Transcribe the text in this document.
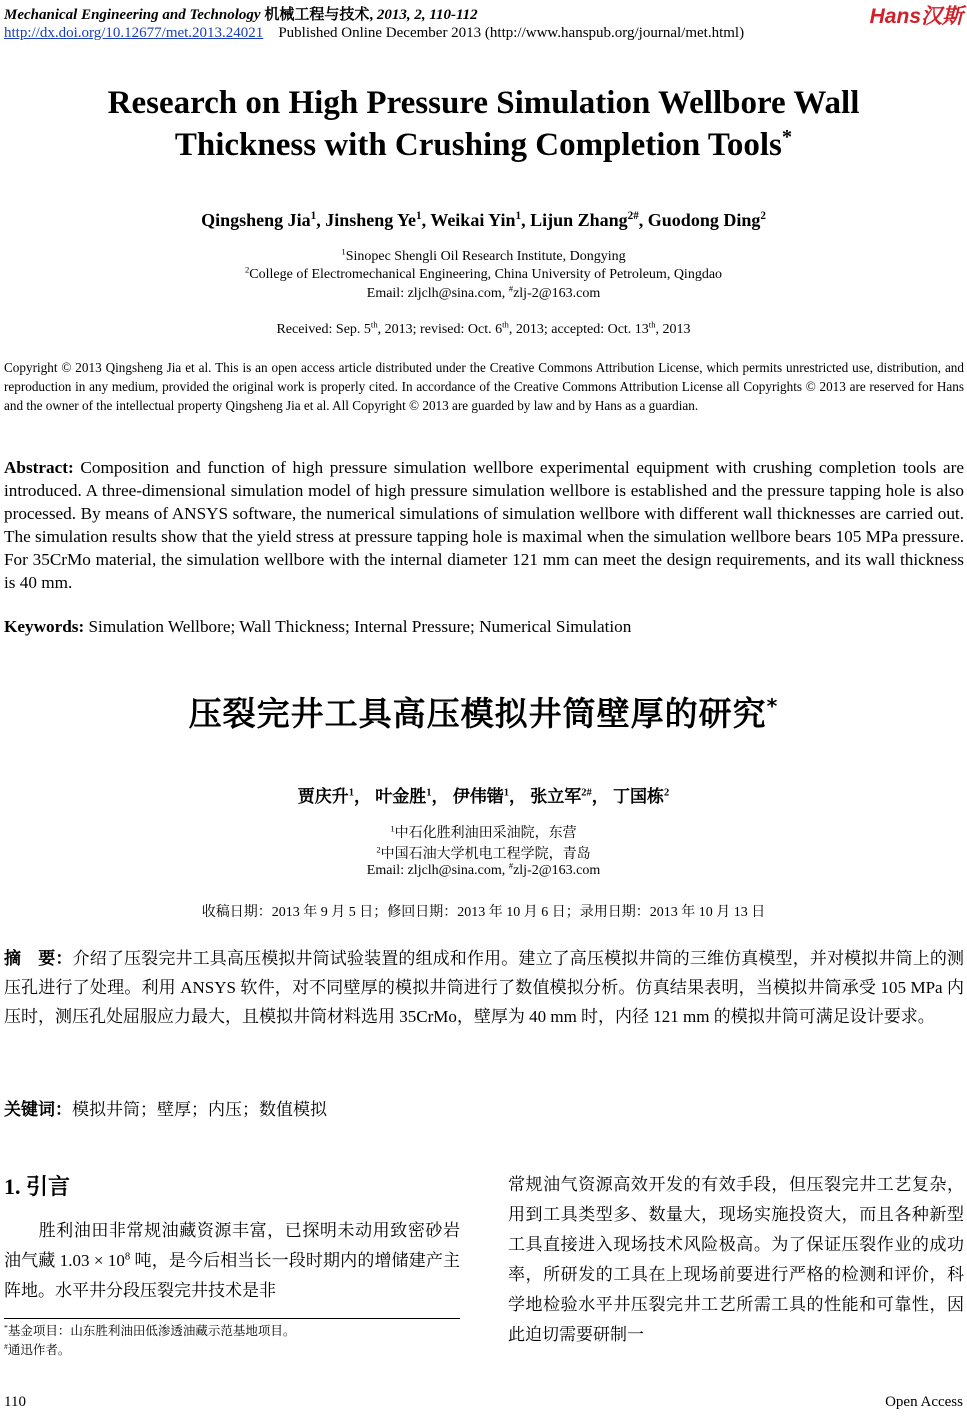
Mechanical Engineering and Technology 机械工程与技术, 2013, 2, 110-112	Hans汉斯
http://dx.doi.org/10.12677/met.2013.24021 Published Online December 2013 (http://www.hanspub.org/journal/met.html)
Research on High Pressure Simulation Wellbore Wall
Thickness with Crushing Completion Tools*
Qingsheng Jia$^1$, Jinsheng Ye$^1$, Weikai Yin$^1$, Lijun Zhang$^{2\#}$, Guodong Ding$^2$
$^1$Sinopec Shengli Oil Research Institute, Dongying
$^2$College of Electromechanical Engineering, China University of Petroleum, Qingdao
Email: zljclh@sina.com, #zlj-2@163.com
Received: Sep. 5th, 2013; revised: Oct. 6th, 2013; accepted: Oct. 13th, 2013
Copyright © 2013 Qingsheng Jia et al. This is an open access article distributed under the Creative Commons Attribution License, which permits unrestricted use, distribution, and reproduction in any medium, provided the original work is properly cited. In accordance of the Creative Commons Attribution License all Copyrights © 2013 are reserved for Hans and the owner of the intellectual property Qingsheng Jia et al. All Copyright © 2013 are guarded by law and by Hans as a guardian.
Abstract: Composition and function of high pressure simulation wellbore experimental equipment with crushing completion tools are introduced. A three-dimensional simulation model of high pressure simulation wellbore is established and the pressure tapping hole is also processed. By means of ANSYS software, the numerical simulations of simulation wellbore with different wall thicknesses are carried out. The simulation results show that the yield stress at pressure tapping hole is maximal when the simulation wellbore bears 105 MPa pressure. For 35CrMo material, the simulation wellbore with the internal diameter 121 mm can meet the design requirements, and its wall thickness is 40 mm.
Keywords: Simulation Wellbore; Wall Thickness; Internal Pressure; Numerical Simulation
压裂完井工具高压模拟井筒壁厚的研究*
贾庆升$^1$， 叶金胜$^1$， 伊伟锴$^1$， 张立军$^{2\#}$， 丁国栋$^2$
$^1$中石化胜利油田采油院，东营
$^2$中国石油大学机电工程学院，青岛
Email: zljclh@sina.com, #zlj-2@163.com
收稿日期：2013 年 9 月 5 日；修回日期：2013 年 10 月 6 日；录用日期：2013 年 10 月 13 日
摘　要：介绍了压裂完井工具高压模拟井筒试验装置的组成和作用。建立了高压模拟井筒的三维仿真模型，并对模拟井筒上的测压孔进行了处理。利用 ANSYS 软件，对不同壁厚的模拟井筒进行了数值模拟分析。仿真结果表明，当模拟井筒承受 105 MPa 内压时，测压孔处屈服应力最大，且模拟井筒材料选用 35CrMo，壁厚为 40 mm 时，内径 121 mm 的模拟井筒可满足设计要求。
关键词：模拟井筒；壁厚；内压；数值模拟
1. 引言
胜利油田非常规油藏资源丰富，已探明未动用致密砂岩油气藏 $1.03 \times 10^8$ 吨，是今后相当长一段时期内的增储建产主阵地。水平井分段压裂完井技术是非
常规油气资源高效开发的有效手段，但压裂完井工艺复杂，用到工具类型多、数量大，现场实施投资大，而且各种新型工具直接进入现场技术风险极高。为了保证压裂作业的成功率，所研发的工具在上现场前要进行严格的检测和评价，科学地检验水平井压裂完井工艺所需工具的性能和可靠性，因此迫切需要研制一
*基金项目：山东胜利油田低渗透油藏示范基地项目。
#通迅作者。
110	Open Access
